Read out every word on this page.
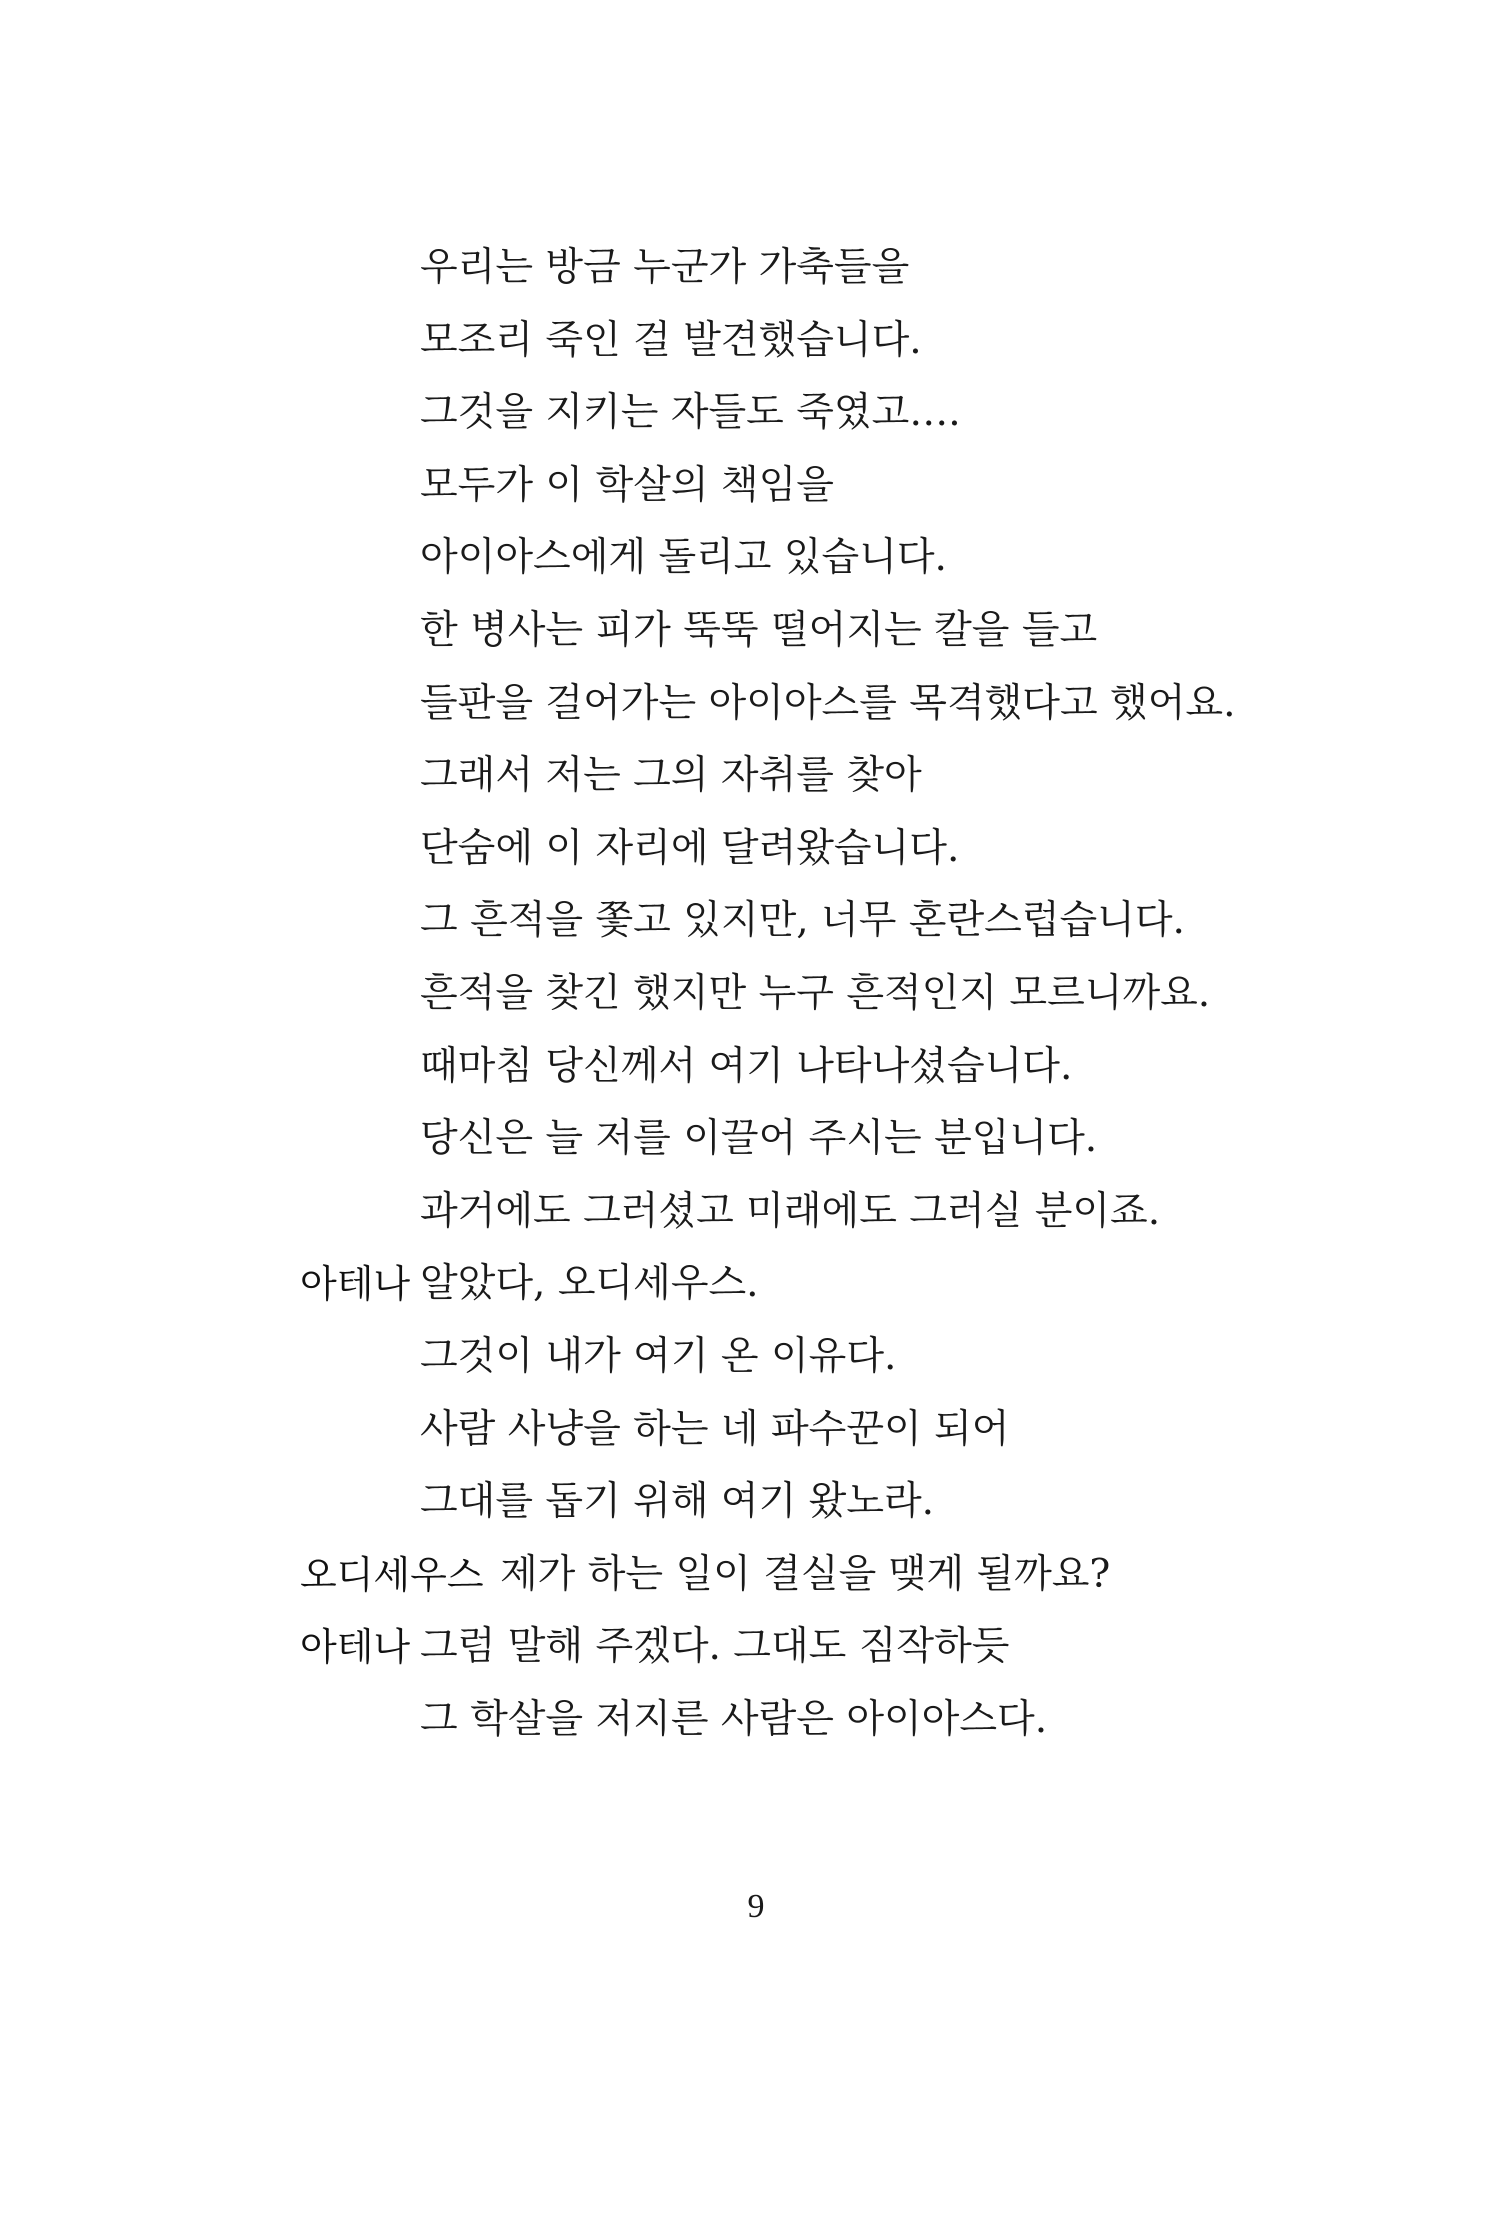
우리는 방금 누군가 가축들을
모조리 죽인 걸 발견했습니다.
그것을 지키는 자들도 죽였고….
모두가 이 학살의 책임을
아이아스에게 돌리고 있습니다.
한 병사는 피가 뚝뚝 떨어지는 칼을 들고
들판을 걸어가는 아이아스를 목격했다고 했어요.
그래서 저는 그의 자취를 찾아
단숨에 이 자리에 달려왔습니다.
그 흔적을 쫓고 있지만, 너무 혼란스럽습니다.
흔적을 찾긴 했지만 누구 흔적인지 모르니까요.
때마침 당신께서 여기 나타나셨습니다.
당신은 늘 저를 이끌어 주시는 분입니다.
과거에도 그러셨고 미래에도 그러실 분이죠.
아테나 알았다, 오디세우스.
그것이 내가 여기 온 이유다.
사람 사냥을 하는 네 파수꾼이 되어
그대를 돕기 위해 여기 왔노라.
오디세우스 제가 하는 일이 결실을 맺게 될까요?
아테나 그럼 말해 주겠다. 그대도 짐작하듯
그 학살을 저지른 사람은 아이아스다.
9
